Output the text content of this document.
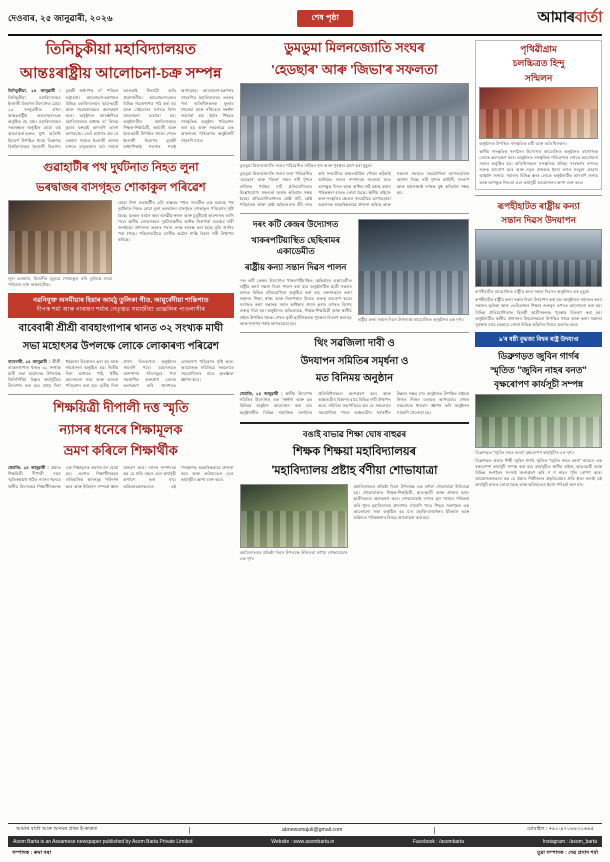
দেওবাৰ, ২৫ জানুৱাৰী, ২০২৬	শেষ পৃষ্ঠা	আমাৰবাৰ্তা
তিনিচুকীয়া মহাবিদ্যালয়ত
আন্তঃৰাষ্ট্ৰীয় আলোচনা-চক্ৰ সম্পন্ন
তিনিচুকীয়া, ২৪ জানুৱাৰী : তিনিচুকীয়া মহাবিদ্যালয়ৰ ইংৰাজী বিভাগৰ উদ্যোগত যোৱা ২৩ জানুৱাৰীত এখন আন্তঃৰাষ্ট্ৰীয় আলোচনা-চক্ৰ অনুষ্ঠিত হৈ যায়। মহাবিদ্যালয়ৰ সভাকক্ষত অনুষ্ঠিত হোৱা এই আলোচনা-চক্ৰত মুখ্য অতিথি হিচাপে উপস্থিত থাকে ডিব্ৰুগড় বিশ্ববিদ্যালয়ৰ ইংৰাজী বিভাগৰ মুৰব্বী অধ্যাপক ড° পৰিমল ভট্টাচাৰ্য। আলোচনা-চক্ৰখনত বিভিন্ন মহাবিদ্যালয়ৰ ছাত্ৰ-ছাত্ৰী আৰু গৱেষকসকলে অংশগ্ৰহণ কৰে। অনুষ্ঠানৰ আৰম্ভণিতে মহাবিদ্যালয়ৰ অধ্যক্ষ ড° বিজয় কুমাৰ বৰুৱাই আদৰণি ভাষণ আগবঢ়ায়। তেওঁ ভাষণত কয় যে বৰ্তমান সময়ত ইংৰাজী ভাষাৰ লগতে মাতৃভাষাৰ চৰ্চা সমানে আগুৱাই নিয়াটো অতি প্ৰয়োজনীয়। আলোচনা-চক্ৰত বিভিন্ন গৱেষণাপত্ৰ পাঠ কৰা হয় আৰু সেইবোৰৰ ওপৰত বিশদ আলোচনা চলোৱা হয়। অনুষ্ঠানটিত মহাবিদ্যালয়ৰ শিক্ষক-শিক্ষয়িত্ৰী, কৰ্মচাৰী আৰু ছাত্ৰ-ছাত্ৰী উপস্থিত থাকে। শেষত ইংৰাজী বিভাগৰ মুৰব্বী অধ্যাপিকাই শলাগৰ শৰাই আগবঢ়ায়। আলোচনা-চক্ৰখনৰ সামৰণিত মহাবিদ্যালয়ৰ তৰফৰ পৰা অতিথিসকলক ফুলাম গামোচা আৰু সাঁথৰেৰে সম্বৰ্ধনা জনোৱা হয়। ইয়াৰ পিছতে সাংস্কৃতিক অনুষ্ঠান পৰিৱেশন কৰা হয় আৰু সকলোৱে এক আনন্দময় পৰিৱেশত অনুষ্ঠানটি সামৰণি মাৰে।
গুৱাহাটীৰ পথ দুৰ্ঘটনাত নিহত লুনা
ভৰদ্বাজৰ বাসগৃহত শোকাকুল পৰিৱেশ
লুনা ভৰদ্বাজ, যিজনীৰ মৃত্যুৱে শোকাকুল কৰি তুলিছে সমগ্ৰ পৰিয়াল তথা অঞ্চলটোক।
যোৱা নিশা গুৱাহাটীৰ এটা ব্যস্ততম পথত সংঘটিত এক ভয়াৱহ পথ দুৰ্ঘটনাত নিহত হোৱা লুনা ভৰদ্বাজৰ বাসগৃহত শোকাকুল পৰিৱেশৰ সৃষ্টি হৈছে। মৃতকৰ ঘৰলৈ অহা আত্মীয়-স্বজন আৰু চুবুৰীয়াই কান্দোনত ভাগি পৰে। স্থানীয় লোকসকলে দুৰ্ঘটনাস্থলীত অধিক নিৰাপত্তা ব্যৱস্থাৰ দাবী জনাইছে। প্ৰশাসনৰ তৰফৰ পৰাও তদন্ত আৰম্ভ কৰা হৈছে বুলি জানিব পৰা গৈছে। পৰিয়ালটোৱে দোষীক কঠোৰ শাস্তি বিহাৰ দাবী উত্থাপন কৰিছে।
নৱনিযুক্ত অসমীয়াৰ হিয়াৰ আমঠু তুলিকা গীত, আয়ুৰ্বেদীয়া শান্তিপাত
দীপক শৰ্মা আৰু নাৰায়ণ শৰ্মাৰ নেতৃত্বত সমাজীয়া প্ৰাঞ্জলিৰ পাওলাসীৰ
বাবেবাৰী শ্ৰীশ্ৰী বাবহাংগাপাৰ থানত ৩২ সংখ্যক মাঘী
সভা মহোৎসৱ উপলক্ষে লোকে লোকাৰণ্য পৰিৱেশ
বাবেবাৰী, ২৪ জানুৱাৰী : শ্ৰীশ্ৰী বাবহাংগাপাৰ থানত ৩২ সংখ্যক মাঘী সভা মহোৎসৱ উপলক্ষে তিনিদিনীয়া বিস্তৃত কাৰ্যসূচীৰে উদযাপন কৰা হয়। প্ৰথম দিনা ধৰ্মধ্বজা উত্তোলন কৰা হয় আৰু নামপ্ৰসংগ অনুষ্ঠিত হয়। দ্বিতীয় দিনা ভাগৱত পাঠ, ধৰ্মীয় আলোচনা সভা আৰু ভাওনা পৰিৱেশন কৰা হয়। তৃতীয় দিনা প্ৰসাদ বিতৰণেৰে অনুষ্ঠানৰ সামৰণি পৰে। মহোৎসৱত আশপাশৰ গাঁওসমূহৰ পৰা সহস্ৰাধিক ভক্তপ্ৰাণ লোকে অংশগ্ৰহণ কৰি থানখনত লোকাৰণ্য পৰিৱেশৰ সৃষ্টি কৰে। আয়োজক সমিতিয়ে সকলোৰে সহযোগিতাৰ বাবে কৃতজ্ঞতা জ্ঞাপন কৰে।
শিক্ষয়িত্ৰী দীপালী দত্ত স্মৃতি
ন্যাসৰ ধনেৰে শিক্ষামূলক
ভ্ৰমণ কৰিলে শিক্ষাৰ্থীক
ধেমাজি, ২৪ জানুৱাৰী : প্ৰয়াত শিক্ষয়িত্ৰী দীপালী দত্তৰ স্মৃতিৰক্ষাৰ্থে গঠিত ন্যাসৰ ধনেৰে স্থানীয় বিদ্যালয়ৰ শিক্ষাৰ্থীসকলক এক শিক্ষামূলক ভ্ৰমণত লৈ যোৱা হয়। ভ্ৰমণত শিক্ষাৰ্থীসকলে ঐতিহাসিক স্থানসমূহ পৰিদৰ্শন কৰে আৰু ইতিহাস সম্পৰ্কে জ্ঞান আহৰণ কৰে। ন্যাসৰ সম্পাদকে কয় যে প্ৰতি বছৰে এনে কাৰ্যসূচী ৰূপায়ণ কৰা হ'ব। অভিভাৱকসকলেও এই পদক্ষেপক আন্তৰিকভাৱে প্ৰশংসা কৰে আৰু ভৱিষ্যতেও এনে কাৰ্যসূচীৰ আশা ব্যক্ত কৰে।
ডুমডুমা মিলনজ্যোতি সংঘৰ
'হেডছাৰ' আৰু 'জিভা'ৰ সফলতা
ডুমডুমা মিলনজ্যোতি সংঘৰ পৰিৱেশিত নাটকৰ দৃশ্য আৰু পুৰস্কাৰ গ্ৰহণ কৰা মুহূৰ্ত।
ডুমডুমা মিলনজ্যোতি সংঘৰ দ্বাৰা পৰিৱেশিত 'হেডছাৰ' আৰু 'জিভা' নামৰ নাট দুখনে ৰাজ্যিক পৰ্যায়ৰ নাট প্ৰতিযোগিতাত উল্লেখযোগ্য সফলতা অৰ্জন কৰিবলৈ সক্ষম হৈছে। প্ৰতিযোগিতাখনত শ্ৰেষ্ঠ নাট, শ্ৰেষ্ঠ পৰিচালক আৰু শ্ৰেষ্ঠ অভিনেতাৰ বঁটা লাভ কৰি সংঘটোৱে অঞ্চলটোলৈ গৌৰৱ কঢ়িয়াই আনিছে। সংঘৰ সম্পাদকে জনোৱা মতে আগন্তুক দিনত আৰু অধিক নাট মঞ্চস্থ কৰাৰ পৰিকল্পনা হাতত লোৱা হৈছে। স্থানীয় ৰাইজে কলা-সংস্কৃতিৰ ক্ষেত্ৰত সংঘটোৱে আগবঢ়োৱা অৱদানক আন্তৰিকভাৱে প্ৰশংসা কৰিছে আৰু সকলো সময়তে সহযোগিতা আগবঢ়োৱাৰ আশ্বাস দিছে। নাট দুখনৰ কাহিনী, সংলাপ আৰু মঞ্চসজ্জাই দৰ্শকক মুগ্ধ কৰিবলৈ সক্ষম হয়।
দৰং কটি কেন্দ্ৰৰ উদ্যোগত
খাকৰপটিয়াস্থিত ছেছিৰামৰ একাডেমীত
ৰাষ্ট্ৰীয় কন্যা সন্তান দিৱস পালন
দৰং কটি কেন্দ্ৰৰ উদ্যোগত খাকৰপটিয়াস্থিত ছেছিৰামৰ একাডেমীত ৰাষ্ট্ৰীয় কন্যা সন্তান দিৱস পালন কৰা হয়। অনুষ্ঠানটিত ছাত্ৰী সকলৰ মাজত বিভিন্ন প্ৰতিযোগিতা অনুষ্ঠিত কৰা হয়। বক্তাসকলে কন্যা সন্তানৰ শিক্ষা, স্বাস্থ্য আৰু নিৰাপত্তাৰ বিষয়ে গুৰুত্ব আৰোপ কৰে। সমাজত কন্যা সন্তানক সমান অধিকাৰ প্ৰদান কৰাৰ ওপৰত বিশেষ গুৰুত্ব দিয়া হয়। অনুষ্ঠানত অভিভাৱক, শিক্ষক-শিক্ষয়িত্ৰী আৰু স্থানীয় ৰাইজ উপস্থিত থাকে। শেষত কৃতী ছাত্ৰীসকলক পুৰস্কাৰ বিতৰণ কৰা হয় আৰু শলাগৰ শৰাই আগবঢ়োৱা হয়।
ৰাষ্ট্ৰীয় কন্যা সন্তান দিৱস উপলক্ষে আয়োজিত অনুষ্ঠানৰ এক দৃশ্য।
থিং সৱজিলা দাবী ও
উদযাপন সমিতিৰ সমৃৰ্ধনা ও
মত বিনিময় অনুষ্ঠান
ধেমাজি, ২৪ জানুৱাৰী : স্থানীয় উদযাপন সমিতিৰ উদ্যোগত এক সম্বৰ্ধনা আৰু মত বিনিময় অনুষ্ঠান আয়োজন কৰা হয়। অনুষ্ঠানটিত বিভিন্ন সামাজিক সংগঠনৰ প্ৰতিনিধিসকলে অংশগ্ৰহণ কৰে আৰু অঞ্চলটোৰ বিকাশৰ বাবে বিভিন্ন দাবী উত্থাপন কৰে। সমিতিৰ সভাপতিয়ে কয় যে সকলোৰে সহযোগিতা পালে অঞ্চলটোৰ সৰ্বাংগীন উন্নয়ন সম্ভৱ হ'ব। অনুষ্ঠানত উপস্থিত ৰাইজে নিজৰ নিজৰ মতামত আগবঢ়ায়। শেষত সকলোকে ধন্যবাদ জ্ঞাপন কৰি অনুষ্ঠানৰ সামৰণি পেলোৱা হয়।
বঙাই বাভাৱ শিক্ষা ঘোষ বাহুৱৰ
শিক্ষক শিক্ষয়া মহাবিদ্যালয়ৰ
'মহাবিদ্যালয় প্ৰষ্টাহ ৰ্বণীয়া শোভাযাত্ৰা
মহাবিদ্যালয়ৰ প্ৰতিষ্ঠা দিৱস উপলক্ষে উলিওৱা বৰ্ণাঢ্য শোভাযাত্ৰাৰ এক দৃশ্য।
মহাবিদ্যালয়ৰ প্ৰতিষ্ঠা দিৱস উপলক্ষে এক বৰ্ণাঢ্য শোভাযাত্ৰা উলিওৱা হয়। শোভাযাত্ৰাত শিক্ষক-শিক্ষয়িত্ৰী, ছাত্ৰ-ছাত্ৰী আৰু প্ৰাক্তন ছাত্ৰ-ছাত্ৰীসকলে অংশগ্ৰহণ কৰে। শোভাযাত্ৰাই নগৰৰ মূল পথেৰে পৰিক্ৰমা কৰি পুনৰ মহাবিদ্যালয় প্ৰাংগণত সামৰণি পৰে। পিছত সভাগৃহত এক আলোচনা সভা অনুষ্ঠিত হয় য'ত মহাবিদ্যালয়খনৰ ইতিহাস আৰু ভৱিষ্যত পৰিকল্পনাৰ বিষয়ে আলোচনা কৰা হয়।
পৃথিৱীগ্ৰাম
চলচ্চিত্ৰত হিন্দু
সন্মিলন
অনুষ্ঠানত উপস্থিত সাংস্কৃতিক কৰ্মী আৰু অতিথিসকল।
স্থানীয় সাংস্কৃতিক সংগঠনৰ উদ্যোগত আয়োজিত অনুষ্ঠানত বহুসংখ্যক লোকে অংশগ্ৰহণ কৰে। অনুষ্ঠানত সাংস্কৃতিক পৰিৱেশনৰ লগতে আলোচনা সভাও অনুষ্ঠিত হয়। অতিথিসকলে সাংস্কৃতিক ঐতিহ্য সংৰক্ষণৰ ওপৰত গুৰুত্ব আৰোপ কৰে আৰু নতুন প্ৰজন্মক ইয়াৰ লগত সংযুক্ত হোৱাৰ আহ্বান জনায়। সমাজৰ বিভিন্ন স্তৰৰ লোকে অনুষ্ঠানটিক আদৰণি জনায় আৰু আগন্তুক দিনতো এনে কাৰ্যসূচী আয়োজনৰ আশা ব্যক্ত কৰে।
ৰূপহীহাটত ৰাষ্ট্ৰীয় কন্যা
সন্তান দিৱস উদযাপন
ৰূপহীহাটত আয়োজিত ৰাষ্ট্ৰীয় কন্যা সন্তান দিৱসৰ অনুষ্ঠানৰ এক মুহূৰ্ত।
ৰূপহীহাটত ৰাষ্ট্ৰীয় কন্যা সন্তান দিৱস উদযাপন কৰা হয়। অনুষ্ঠানত সমাজত কন্যা সন্তানৰ ভূমিকা আৰু তেওঁলোকৰ শিক্ষাৰ গুৰুত্বৰ ওপৰত আলোচনা কৰা হয়। বিভিন্ন প্ৰতিযোগিতাত বিজয়ী ছাত্ৰীসকলক পুৰস্কাৰ বিতৰণ কৰা হয়। অনুষ্ঠানটিত স্থানীয় প্ৰশাসনৰ বিষয়াসকলো উপস্থিত থাকে আৰু কন্যা সন্তানৰ সুৰক্ষাৰ বাবে চৰকাৰে লোৱা বিভিন্ন আঁচনিৰ বিষয়ে অৱগত কৰে।
৯'ৰ ষষ্ঠী বুদ্ধজ্য বিশ্বৰ ৰাষ্ট্ৰ উদযাপ্ত
ডিব্ৰুগড়ত জুবিন গাৰ্গৰ
স্মৃতিত "জুবিন নাহৰ বনত"
বৃক্ষৰোপণ কাৰ্যসূচী সম্পন্ন
ডিব্ৰুগড়ত "জুবিন নাহৰ বনত" বৃক্ষৰোপণ কাৰ্যসূচীৰ এক দৃশ্য।
ডিব্ৰুগড়ত প্ৰয়াত শিল্পী জুবিন গাৰ্গৰ স্মৃতিত "জুবিন নাহৰ বনত" নামেৰে এক বৃক্ষৰোপণ কাৰ্যসূচী সম্পন্ন কৰা হয়। কাৰ্যসূচীত স্থানীয় ৰাইজ, ছাত্ৰ-ছাত্ৰী আৰু বিভিন্ন সংগঠনৰ সদস্যই অংশগ্ৰহণ কৰি শ শ নাহৰ পুলি ৰোপণ কৰে। আয়োজকসকলে কয় যে প্ৰয়াত শিল্পীজনৰ প্ৰকৃতিপ্ৰেমৰ প্ৰতি শ্ৰদ্ধা জনাই এই কাৰ্যসূচী হাতত লোৱা হৈছে আৰু ভৱিষ্যতেও ইয়াৰ পৰিচৰ্যা কৰা হ'ব।
আমাৰ বাৰ্তা আৰু অসমৰ প্ৰথম ই-কাকত	abnewsmajuli@gmail.com	মোবাইল : +৯১-৯৭০৬৪৩০৬৬৫
Asom Barta is an Assamese newspaper published by Asom Barta Private Limited	Website : www.asombarta.in	Facebook : /asombarta	Instagram : /asom_barta
সম্পাদক : ৰুমা বৰা	মুদ্ৰা সম্পাদক : দেৱ প্ৰসাদ শৰ্মা
